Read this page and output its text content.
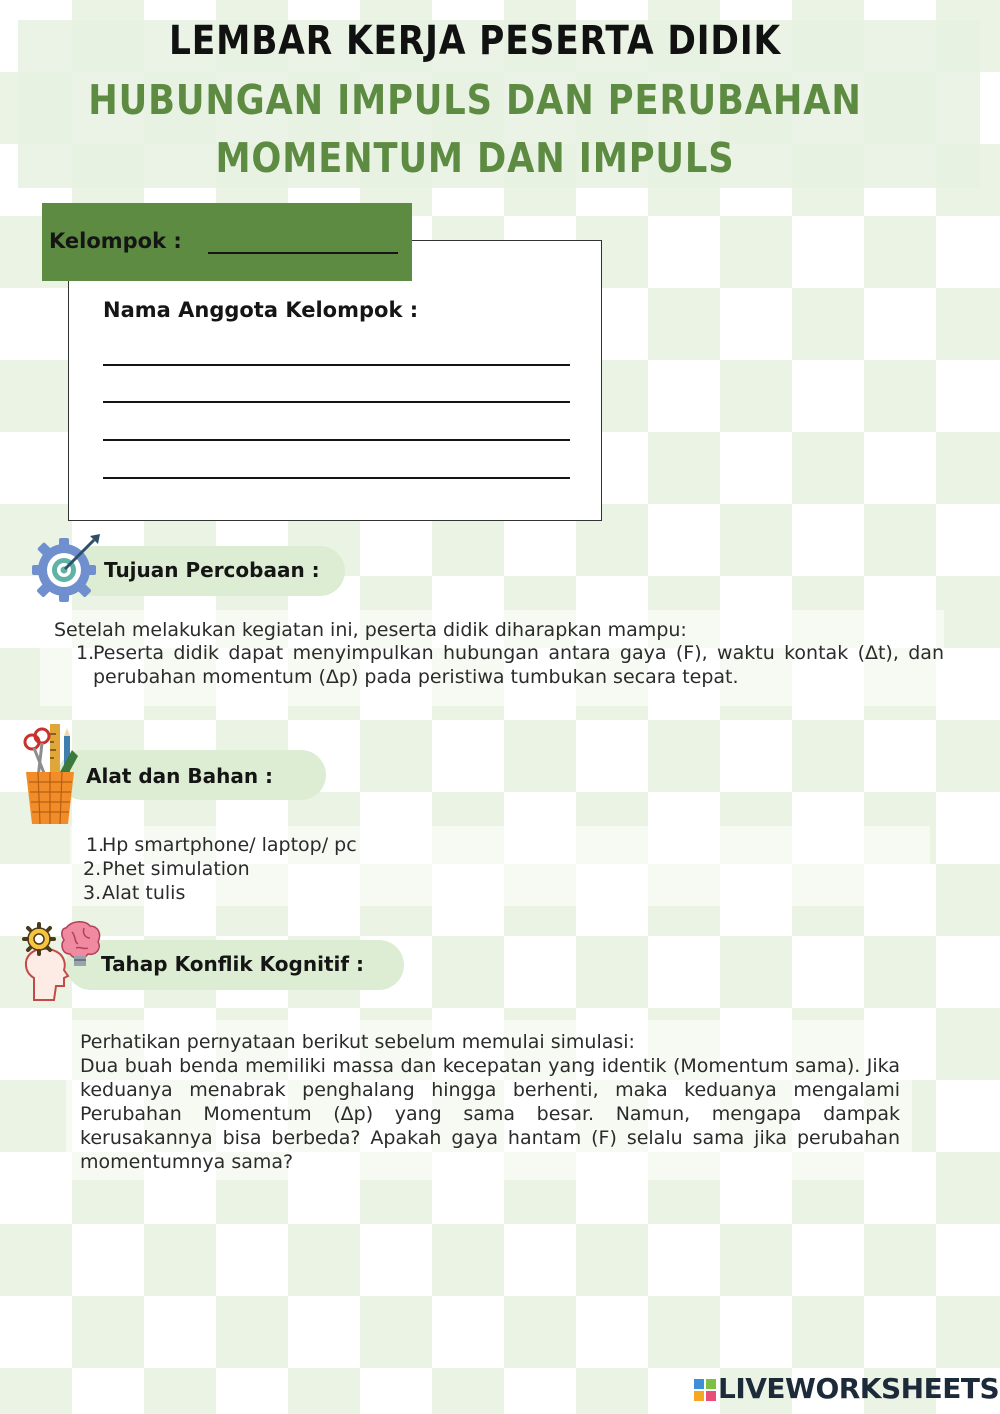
LEMBAR KERJA PESERTA DIDIK
HUBUNGAN IMPULS DAN PERUBAHAN
MOMENTUM DAN IMPULS
Kelompok :
Nama Anggota Kelompok :
Tujuan Percobaan :
Setelah melakukan kegiatan ini, peserta didik diharapkan mampu:
1.
Peserta didik dapat menyimpulkan hubungan antara gaya (F), waktu kontak (Δt), dan perubahan momentum (Δp) pada peristiwa tumbukan secara tepat.
Alat dan Bahan :
1.
Hp smartphone/ laptop/ pc
2. Phet simulation
3. Alat tulis
Tahap Konflik Kognitif :
Perhatikan pernyataan berikut sebelum memulai simulasi:
Dua buah benda memiliki massa dan kecepatan yang identik (Momentum sama). Jika keduanya menabrak penghalang hingga berhenti, maka keduanya mengalami Perubahan Momentum (Δp) yang sama besar. Namun, mengapa dampak kerusakannya bisa berbeda? Apakah gaya hantam (F) selalu sama jika perubahan momentumnya sama?
LIVEWORKSHEETS
